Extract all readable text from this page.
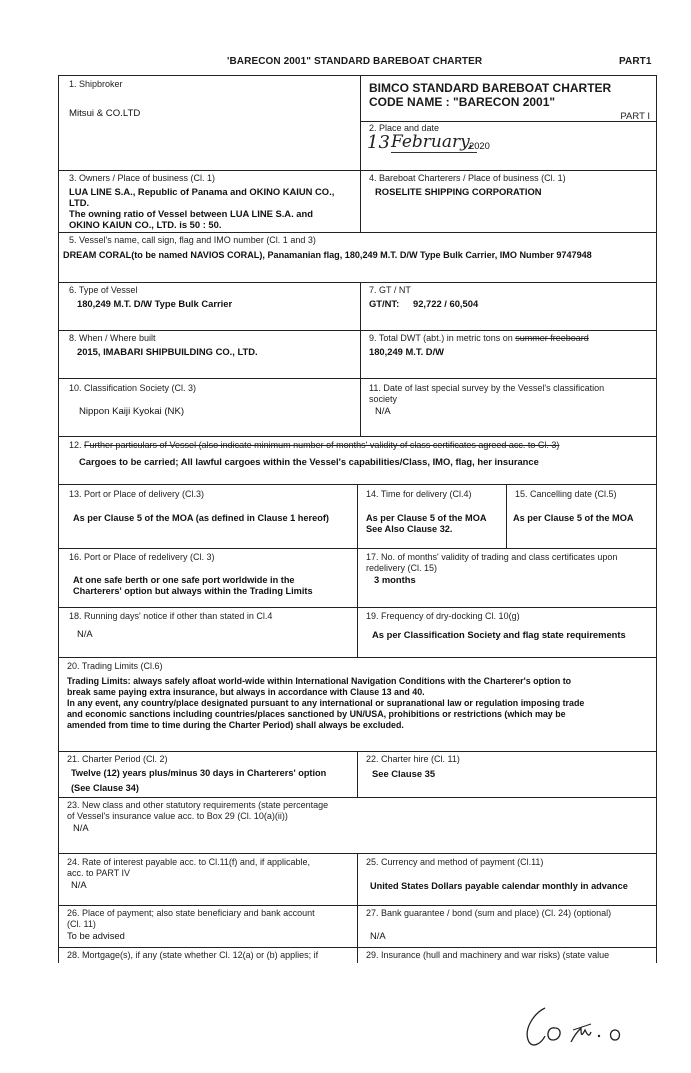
'BARECON 2001" STANDARD BAREBOAT CHARTER	PART1
1. Shipbroker
Mitsui & CO.LTD
BIMCO STANDARD BAREBOAT CHARTER
CODE NAME : "BARECON 2001"
PART I
2. Place and date
13 February,
2020
3. Owners / Place of business (Cl. 1)
LUA LINE S.A., Republic of Panama and OKINO KAIUN CO.,
LTD.
The owning ratio of Vessel between LUA LINE S.A. and
OKINO KAIUN CO., LTD. is 50 : 50.
4. Bareboat Charterers / Place of business (Cl. 1)
ROSELITE SHIPPING CORPORATION
5. Vessel's name, call sign, flag and IMO number (Cl. 1 and 3)
DREAM CORAL(to be named NAVIOS CORAL), Panamanian flag, 180,249 M.T. D/W Type Bulk Carrier, IMO Number 9747948
6. Type of Vessel
180,249 M.T. D/W Type Bulk Carrier
7. GT / NT
GT/NT: 92,722 / 60,504
8. When / Where built
2015, IMABARI SHIPBUILDING CO., LTD.
9. Total DWT (abt.) in metric tons on summer freeboard
180,249 M.T. D/W
10. Classification Society (Cl. 3)
Nippon Kaiji Kyokai (NK)
11. Date of last special survey by the Vessel's classification
society
N/A
12. Further particulars of Vessel (also indicate minimum number of months' validity of class certificates agreed acc. to Cl. 3)
Cargoes to be carried; All lawful cargoes within the Vessel's capabilities/Class, IMO, flag, her insurance
13. Port or Place of delivery (Cl.3)
As per Clause 5 of the MOA (as defined in Clause 1 hereof)
14. Time for delivery (Cl.4)
As per Clause 5 of the MOA
See Also Clause 32.
15. Cancelling date (Cl.5)
As per Clause 5 of the MOA
16. Port or Place of redelivery (Cl. 3)
At one safe berth or one safe port worldwide in the
Charterers' option but always within the Trading Limits
17. No. of months' validity of trading and class certificates upon
redelivery (Cl. 15)
3 months
18. Running days' notice if other than stated in Cl.4
N/A
19. Frequency of dry-docking Cl. 10(g)
As per Classification Society and flag state requirements
20. Trading Limits (Cl.6)
Trading Limits: always safely afloat world-wide within International Navigation Conditions with the Charterer's option to
break same paying extra insurance, but always in accordance with Clause 13 and 40.
In any event, any country/place designated pursuant to any international or supranational law or regulation imposing trade
and economic sanctions including countries/places sanctioned by UN/USA, prohibitions or restrictions (which may be
amended from time to time during the Charter Period) shall always be excluded.
21. Charter Period (Cl. 2)
Twelve (12) years plus/minus 30 days in Charterers' option
(See Clause 34)
22. Charter hire (Cl. 11)
See Clause 35
23. New class and other statutory requirements (state percentage
of Vessel's insurance value acc. to Box 29 (Cl. 10(a)(ii))
N/A
24. Rate of interest payable acc. to Cl.11(f) and, if applicable,
acc. to PART IV
N/A
25. Currency and method of payment (Cl.11)
United States Dollars payable calendar monthly in advance
26. Place of payment; also state beneficiary and bank account
(Cl. 11)
To be advised
27. Bank guarantee / bond (sum and place) (Cl. 24) (optional)
N/A
28. Mortgage(s), if any (state whether Cl. 12(a) or (b) applies; if	29. Insurance (hull and machinery and war risks) (state value
